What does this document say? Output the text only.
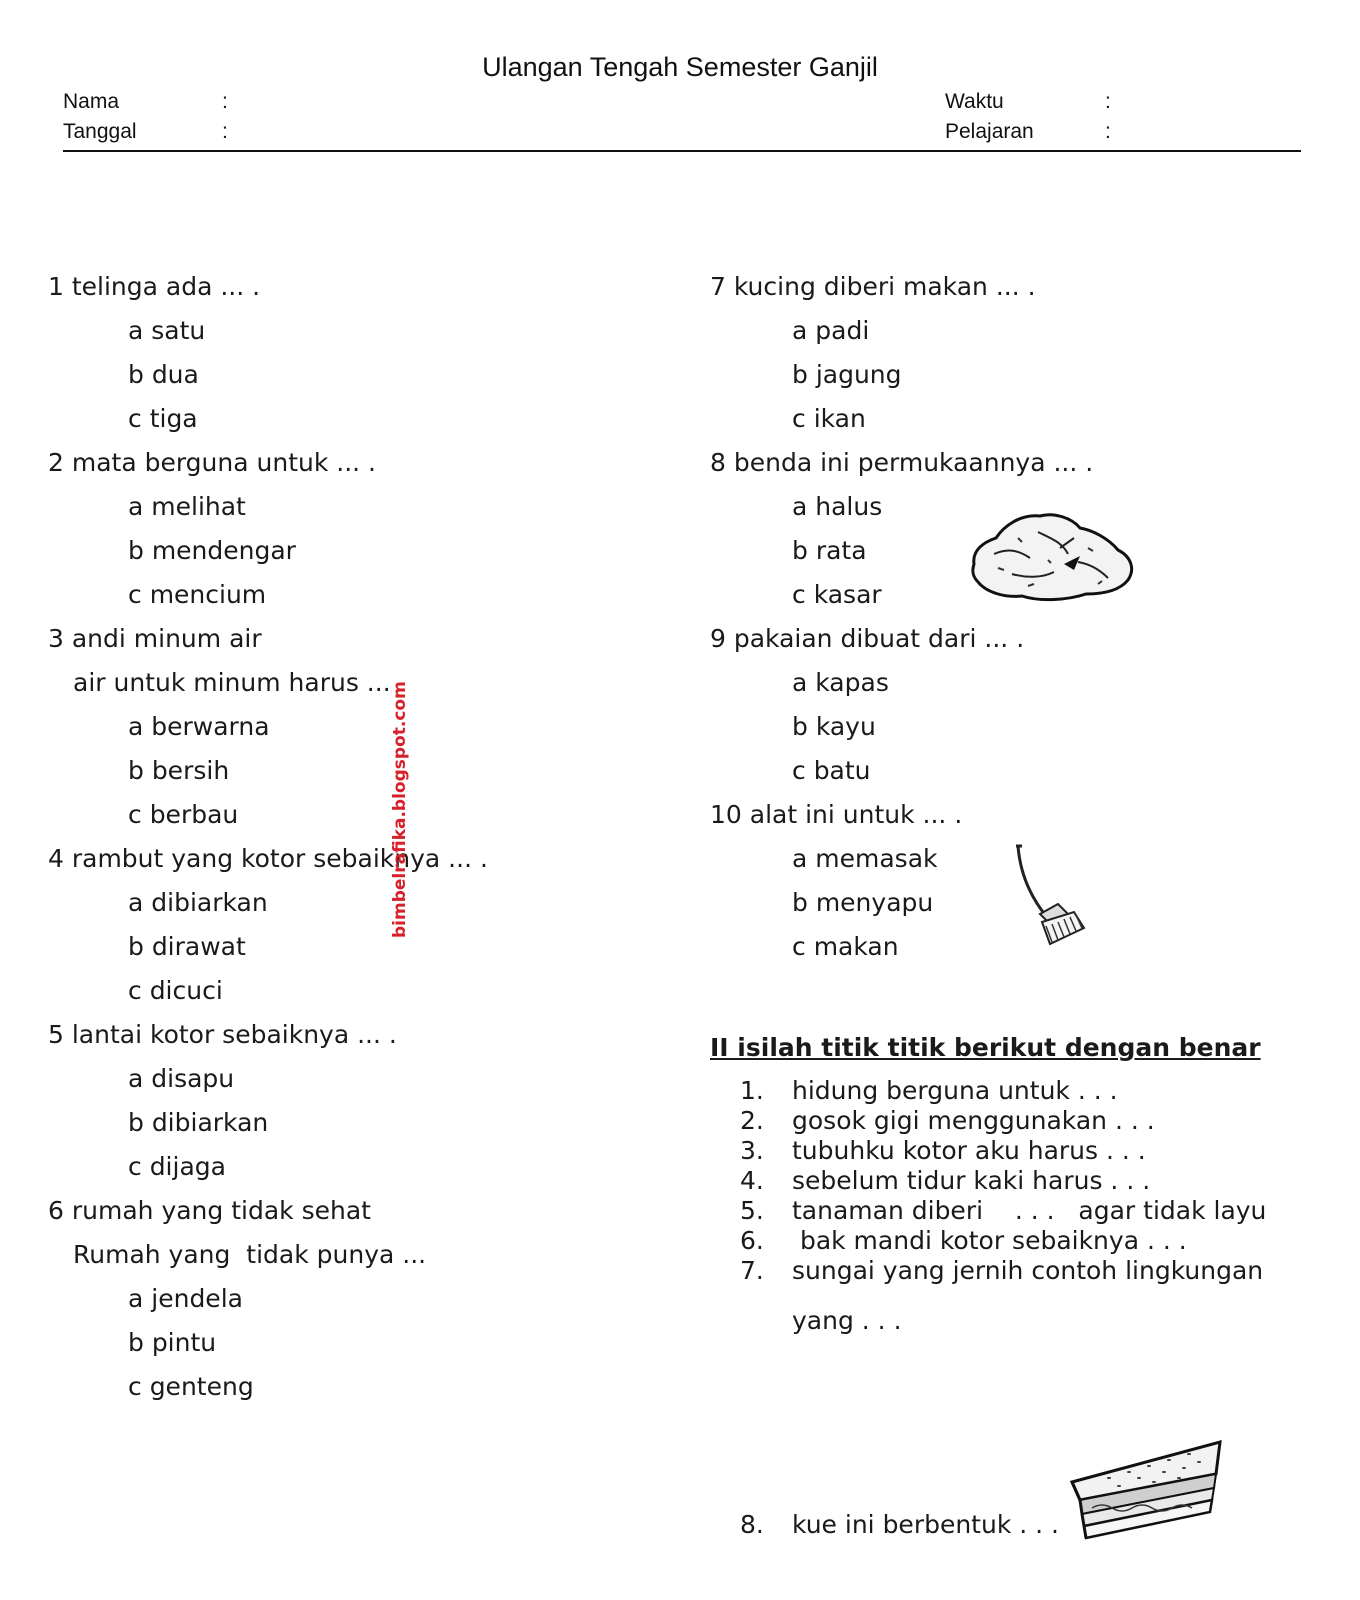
Ulangan Tengah Semester Ganjil
Nama	:
Tanggal	:
Waktu	:
Pelajaran	:
1 telinga ada ... .
a satu
b dua
c tiga
2 mata berguna untuk ... .
a melihat
b mendengar
c mencium
3 andi minum air
air untuk minum harus ...
a berwarna
b bersih
c berbau
4 rambut yang kotor sebaiknya ... .
a dibiarkan
b dirawat
c dicuci
5 lantai kotor sebaiknya ... .
a disapu
b dibiarkan
c dijaga
6 rumah yang tidak sehat
Rumah yang  tidak punya ...
a jendela
b pintu
c genteng
bimbelrafika.blogspot.com
7 kucing diberi makan ... .
a padi
b jagung
c ikan
8 benda ini permukaannya ... .
a halus
b rata
c kasar
9 pakaian dibuat dari ... .
a kapas
b kayu
c batu
10 alat ini untuk ... .
a memasak
b menyapu
c makan
II isilah titik titik berikut dengan benar
1. hidung berguna untuk . . .
2. gosok gigi menggunakan . . .
3. tubuhku kotor aku harus . . .
4. sebelum tidur kaki harus . . .
5. tanaman diberi    . . .   agar tidak layu
6. bak mandi kotor sebaiknya . . .
7. sungai yang jernih contoh lingkungan
yang . . .
8. kue ini berbentuk . . .
